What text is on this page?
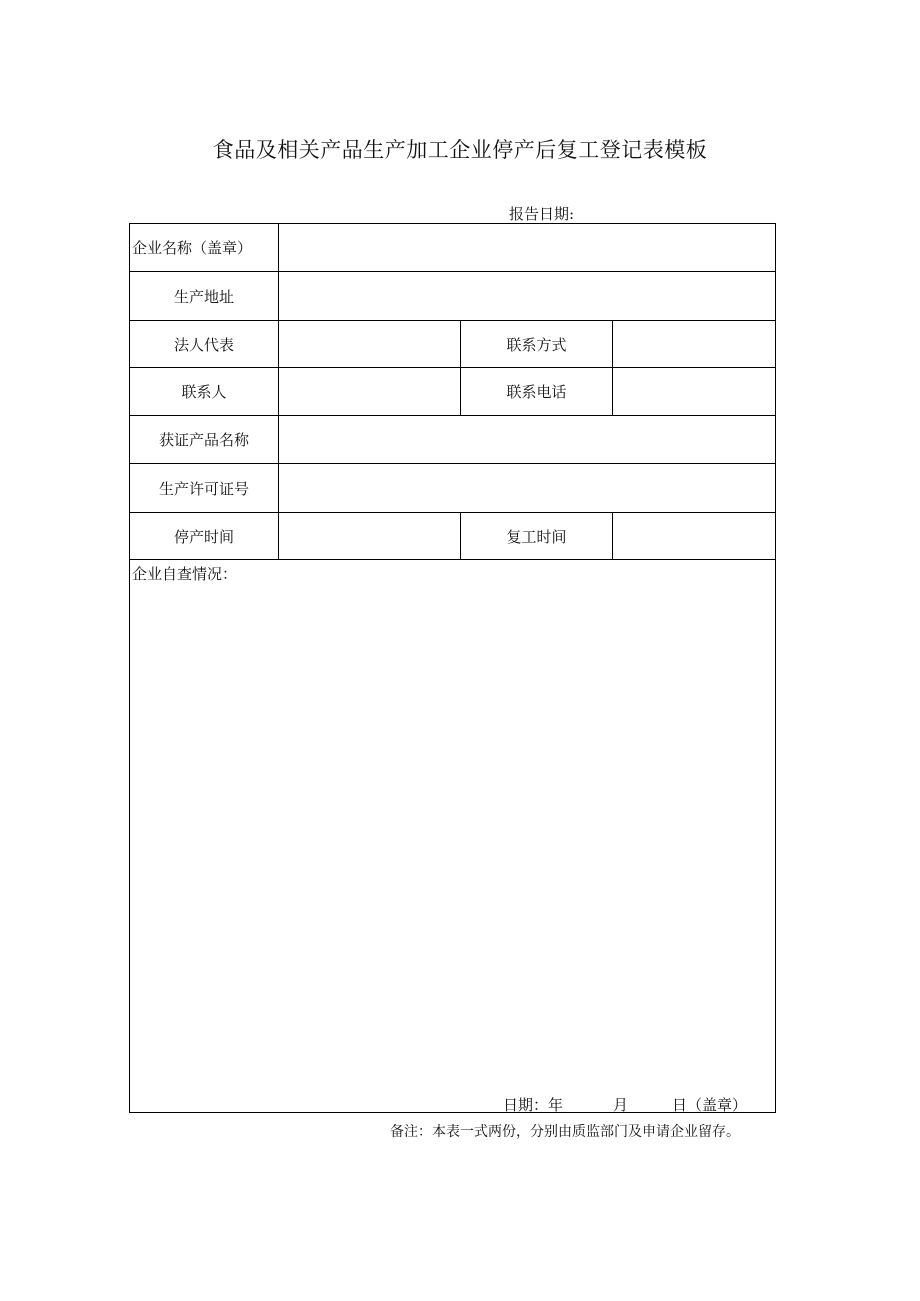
食品及相关产品生产加工企业停产后复工登记表模板
报告日期:
企业名称（盖章）
生产地址
法人代表	联系方式
联系人	联系电话
获证产品名称
生产许可证号
停产时间	复工时间
企业自查情况：
日期：年	月	日（盖章）
备注：本表一式两份，分别由质监部门及申请企业留存。
